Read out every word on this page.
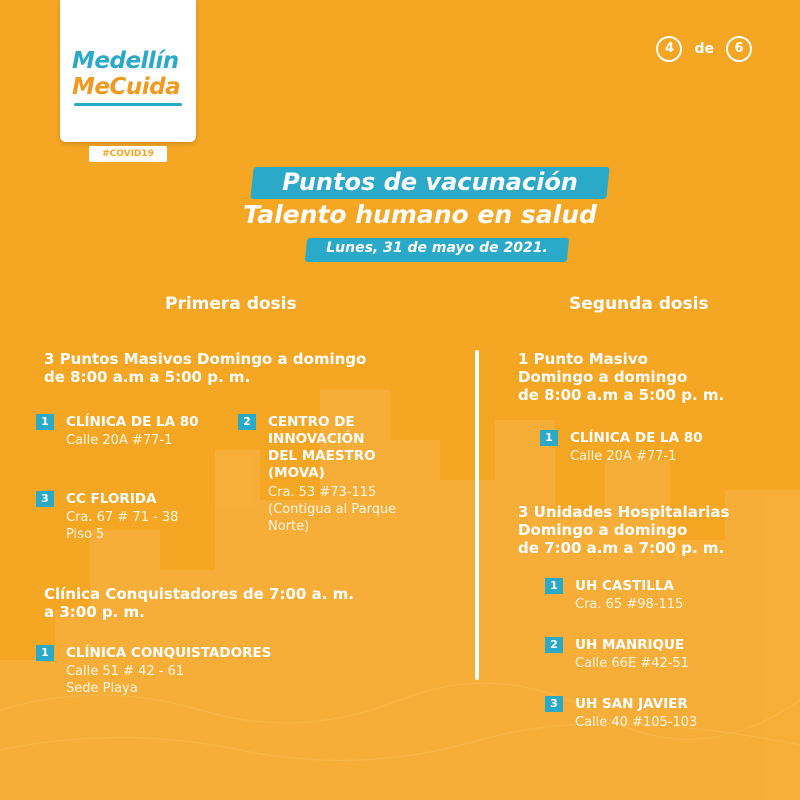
Medellín
MeCuida
#COVID19
4	de	6
Puntos de vacunación
Talento humano en salud
Lunes, 31 de mayo de 2021.
Primera dosis	Segunda dosis
3 Puntos Masivos Domingo a domingo
de 8:00 a.m a 5:00 p. m.
1	CLÍNICA DE LA 80
Calle 20A #77-1
2	CENTRO DE
INNOVACIÓN
DEL MAESTRO
(MOVA)
Cra. 53 #73-115
(Contigua al Parque
Norte)
3	CC FLORIDA
Cra. 67 # 71 - 38
Piso 5
Clínica Conquistadores de 7:00 a. m.
a 3:00 p. m.
1	CLÍNICA CONQUISTADORES
Calle 51 # 42 - 61
Sede Playa
1 Punto Masivo
Domingo a domingo
de 8:00 a.m a 5:00 p. m.
1	CLÍNICA DE LA 80
Calle 20A #77-1
3 Unidades Hospitalarias
Domingo a domingo
de 7:00 a.m a 7:00 p. m.
1	UH CASTILLA
Cra. 65 #98-115
2	UH MANRIQUE
Calle 66E #42-51
3	UH SAN JAVIER
Calle 40 #105-103
